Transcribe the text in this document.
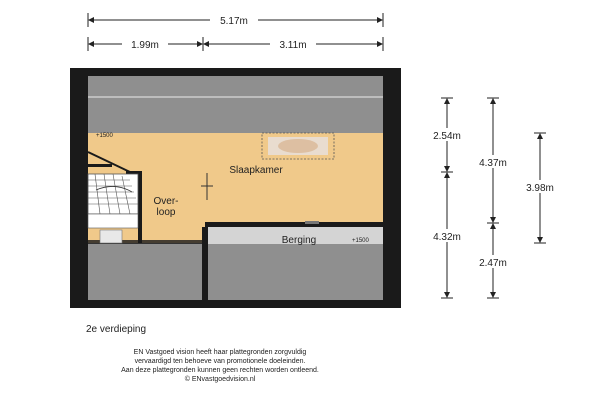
5.17m
1.99m	3.11m
Slaapkamer
Over-
loop
Berging
+1500
+1500
2.54m
4.32m
4.37m
2.47m
3.98m
2e verdieping
EN Vastgoed vision heeft haar plattegronden zorgvuldig
vervaardigd ten behoeve van promotionele doeleinden.
Aan deze plattegronden kunnen geen rechten worden ontleend.
© ENvastgoedvision.nl
